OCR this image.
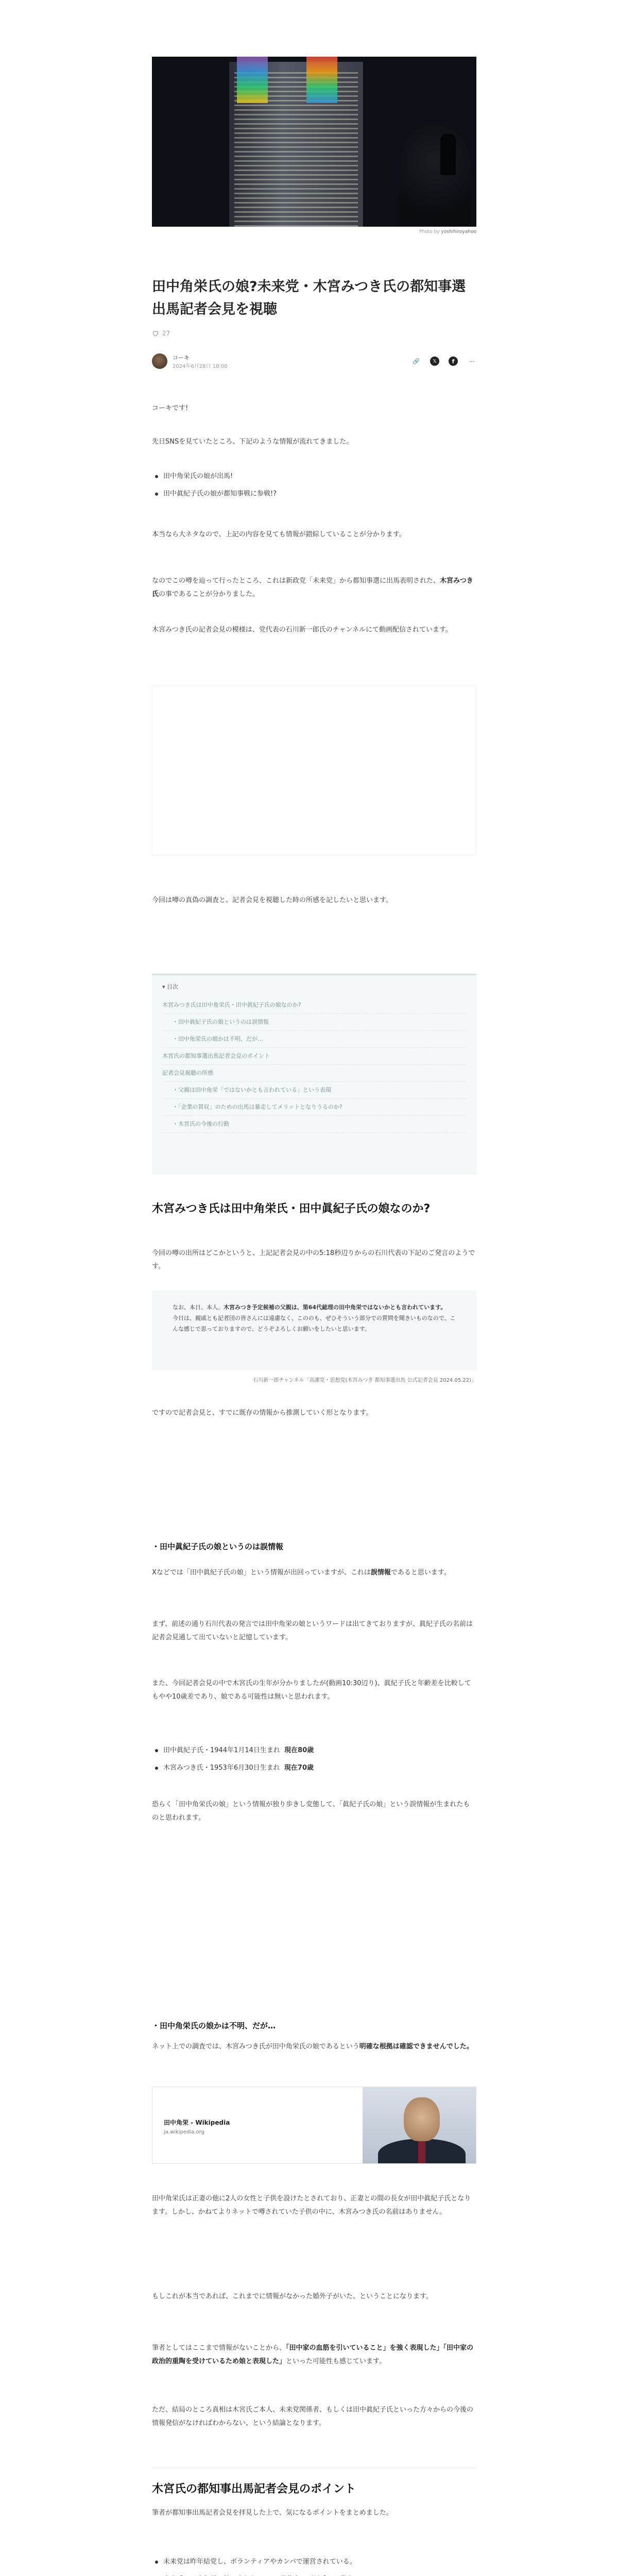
Photo by yoshihiroyahoo
田中角栄氏の娘?未来党・木宮みつき氏の都知事選出馬記者会見を視聴
27
コーキ
2024年6月28日 18:00
🔗	𝕏	f	⋯

コーキです!

先日SNSを見ていたところ、下記のような情報が流れてきました。

田中角栄氏の娘が出馬!
田中眞紀子氏の娘が都知事戦に参戦!?

本当なら大ネタなので、上記の内容を見ても情報が錯綜していることが分かります。

なのでこの噂を辿って行ったところ、これは新政党「未来党」から都知事選に出馬表明された、木宮みつき氏の事であることが分かりました。

木宮みつき氏の記者会見の模様は、党代表の石川新一郎氏のチャンネルにて動画配信されています。

今回は噂の真偽の調査と、記者会見を視聴した時の所感を記したいと思います。

▾ 目次
木宮みつき氏は田中角栄氏・田中眞紀子氏の娘なのか?
・田中眞紀子氏の娘というのは誤情報
・田中角栄氏の娘かは不明、だが…
木宮氏の都知事選出馬記者会見のポイント
記者会見視聴の所感
・父親は田中角栄「ではないかとも言われている」という表現
・「企業の買収」のための出馬は暴走してメリットとなりうるのか?
・木宮氏の今後の行動
木宮みつき氏は田中角栄氏・田中眞紀子氏の娘なのか?

今回の噂の出所はどこかというと、上記記者会見の中の5:18秒辺りからの石川代表の下記のご発言のようです。

なお、本日、本人、木宮みつき予定候補の父親は、第64代総理の田中角栄ではないかとも言われています。
今日は、親戚とも記者団の皆さんには遠慮なく、こののも、ぜひそういう部分での質問を聞きいものなので、こんな感じで思っておりますので、どうぞよろしくお願いをしたいと思います。
石川新一郎チャンネル「高潔党・思想党(木宮みつき 都知事選出馬 公式記者会見 2024.05.22)」

ですので記者会見と、すでに既存の情報から推測していく形となります。

・田中眞紀子氏の娘というのは誤情報

Xなどでは「田中眞紀子氏の娘」という情報が出回っていますが、これは誤情報であると思います。

まず、前述の通り石川代表の発言では田中角栄の娘というワードは出てきておりますが、眞紀子氏の名前は記者会見通して出ていないと記憶しています。

また、今回記者会見の中で木宮氏の生年が分かりましたが(動画10:30辺り)、眞紀子氏と年齢差を比較してもやや10歳差であり、娘である可能性は無いと思われます。

田中眞紀子氏・1944年1月14日生まれ 現在80歳
木宮みつき氏・1953年6月30日生まれ 現在70歳

恐らく「田中角栄氏の娘」という情報が独り歩きし変態して、「眞紀子氏の娘」という誤情報が生まれたものと思われます。

・田中角栄氏の娘かは不明、だが…

ネット上での調査では、木宮みつき氏が田中角栄氏の娘であるという明確な根拠は確認できませんでした。

田中角栄 - Wikipedia
ja.wikipedia.org

田中角栄氏は正妻の他に2人の女性と子供を設けたとされており、正妻との間の長女が田中眞紀子氏となります。しかし、かねてよりネットで噂されていた子供の中に、木宮みつき氏の名前はありません。

もしこれが本当であれば、これまでに情報がなかった婚外子がいた、ということになります。

筆者としてはここまで情報がないことから、「田中家の血筋を引いていること」を強く表現した」「田中家の政治的重陶を受けているため娘と表現した」といった可能性も感じています。

ただ、結局のところ真相は木宮氏ご本人、未来党関係者、もしくは田中眞紀子氏といった方々からの今後の情報発信がなければわからない、という結論となります。

木宮氏の都知事出馬記者会見のポイント

筆者が都知事出馬記者会見を拝見した上で、気になるポイントをまとめました。

未来党は昨年結党し、ボランティアやカンパで運営されている。
